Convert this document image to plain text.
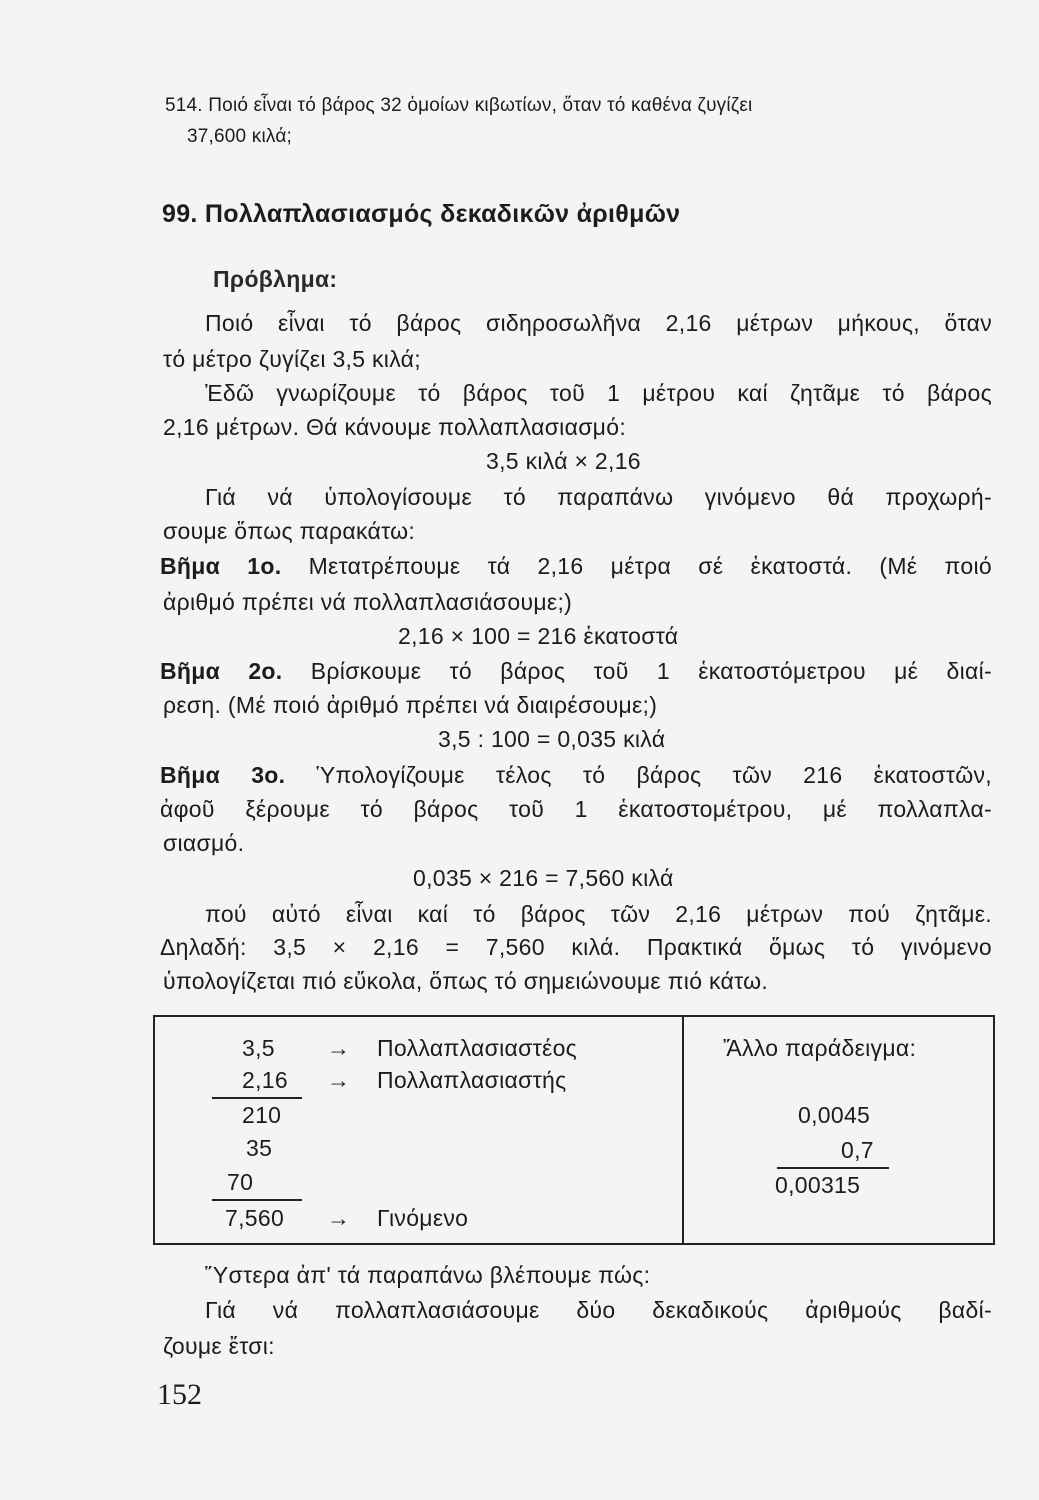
514. Ποιό εἶναι τό βάρος 32 ὁμοίων κιβωτίων, ὅταν τό καθένα ζυγίζει
37,600 κιλά;
99. Πολλαπλασιασμός δεκαδικῶν ἀριθμῶν
Πρόβλημα:
Ποιό εἶναι τό βάρος σιδηροσωλῆνα 2,16 μέτρων μήκους, ὅταν
τό μέτρο ζυγίζει 3,5 κιλά;
Ἐδῶ γνωρίζουμε τό βάρος τοῦ 1 μέτρου καί ζητᾶμε τό βάρος
2,16 μέτρων. Θά κάνουμε πολλαπλασιασμό:
3,5 κιλά × 2,16
Γιά νά ὑπολογίσουμε τό παραπάνω γινόμενο θά προχωρή-
σουμε ὅπως παρακάτω:
Βῆμα 1ο. Μετατρέπουμε τά 2,16 μέτρα σέ ἑκατοστά. (Μέ ποιό
ἀριθμό πρέπει νά πολλαπλασιάσουμε;)
2,16 × 100 = 216 ἑκατοστά
Βῆμα 2ο. Βρίσκουμε τό βάρος τοῦ 1 ἑκατοστόμετρου μέ διαί-
ρεση. (Μέ ποιό ἀριθμό πρέπει νά διαιρέσουμε;)
3,5 : 100 = 0,035 κιλά
Βῆμα 3ο. Ὑπολογίζουμε τέλος τό βάρος τῶν 216 ἑκατοστῶν,
ἀφοῦ ξέρουμε τό βάρος τοῦ 1 ἑκατοστομέτρου, μέ πολλαπλα-
σιασμό.
0,035 × 216 = 7,560 κιλά
πού αὐτό εἶναι καί τό βάρος τῶν 2,16 μέτρων πού ζητᾶμε.
Δηλαδή: 3,5 × 2,16 = 7,560 κιλά. Πρακτικά ὅμως τό γινόμενο
ὑπολογίζεται πιό εὔκολα, ὅπως τό σημειώνουμε πιό κάτω.
3,5 → Πολλαπλασιαστέος
2,16 → Πολλαπλασιαστής
210
35
70
7,560 → Γινόμενο
Ἄλλο παράδειγμα:
0,0045
0,7
0,00315
Ὕστερα ἀπ' τά παραπάνω βλέπουμε πώς:
Γιά νά πολλαπλασιάσουμε δύο δεκαδικούς ἀριθμούς βαδί-
ζουμε ἔτσι:
152
